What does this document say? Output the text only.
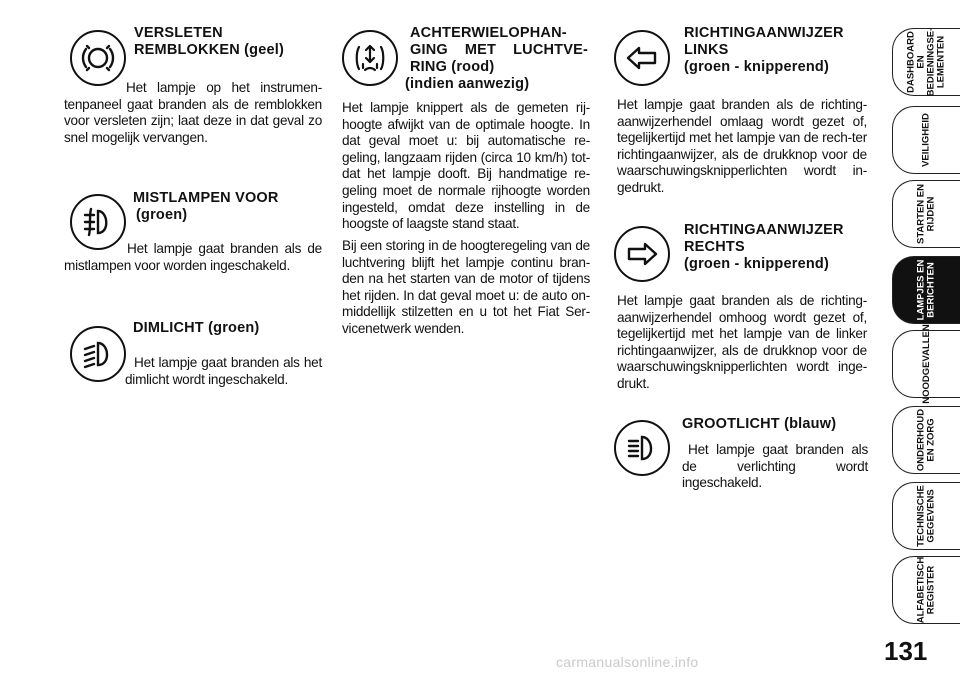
VERSLETEN
REMBLOKKEN (geel)
Het lampje op het instrumen-tenpaneel gaat branden als de remblokken voor versleten zijn; laat deze in dat geval zo snel mogelijk vervangen.
MISTLAMPEN VOOR
(groen)
Het lampje gaat branden als de mistlampen voor worden ingeschakeld.
DIMLICHT (groen)
Het lampje gaat branden als het dimlicht wordt ingeschakeld.
ACHTERWIELOPHAN-
GING MET LUCHTVE-
RING (rood)
(indien aanwezig)
Het lampje knippert als de gemeten rij-hoogte afwijkt van de optimale hoogte. In dat geval moet u: bij automatische re-geling, langzaam rijden (circa 10 km/h) tot-dat het lampje dooft. Bij handmatige re-geling moet de normale rijhoogte worden ingesteld, omdat deze instelling in de hoogste of laagste stand staat.
Bij een storing in de hoogteregeling van de luchtvering blijft het lampje continu bran-den na het starten van de motor of tijdens het rijden. In dat geval moet u: de auto on-middellijk stilzetten en u tot het Fiat Ser-vicenetwerk wenden.
RICHTINGAANWIJZER
LINKS
(groen - knipperend)
Het lampje gaat branden als de richting-aanwijzerhendel omlaag wordt gezet of, tegelijkertijd met het lampje van de rech-ter richtingaanwijzer, als de drukknop voor de waarschuwingsknipperlichten wordt in-gedrukt.
RICHTINGAANWIJZER
RECHTS
(groen - knipperend)
Het lampje gaat branden als de richting-aanwijzerhendel omhoog wordt gezet of, tegelijkertijd met het lampje van de linker richtingaanwijzer, als de drukknop voor de waarschuwingsknipperlichten wordt inge-drukt.
GROOTLICHT (blauw)
Het lampje gaat branden als de verlichting wordt ingeschakeld.
DASHBOARD EN
BEDIENINGSE-
LEMENTEN
VEILIGHEID
STARTEN EN
RIJDEN
LAMPJES EN
BERICHTEN
NOODGEVALLEN
ONDERHOUD
EN ZORG
TECHNISCHE
GEGEVENS
ALFABETISCH
REGISTER
131
carmanualsonline.info
